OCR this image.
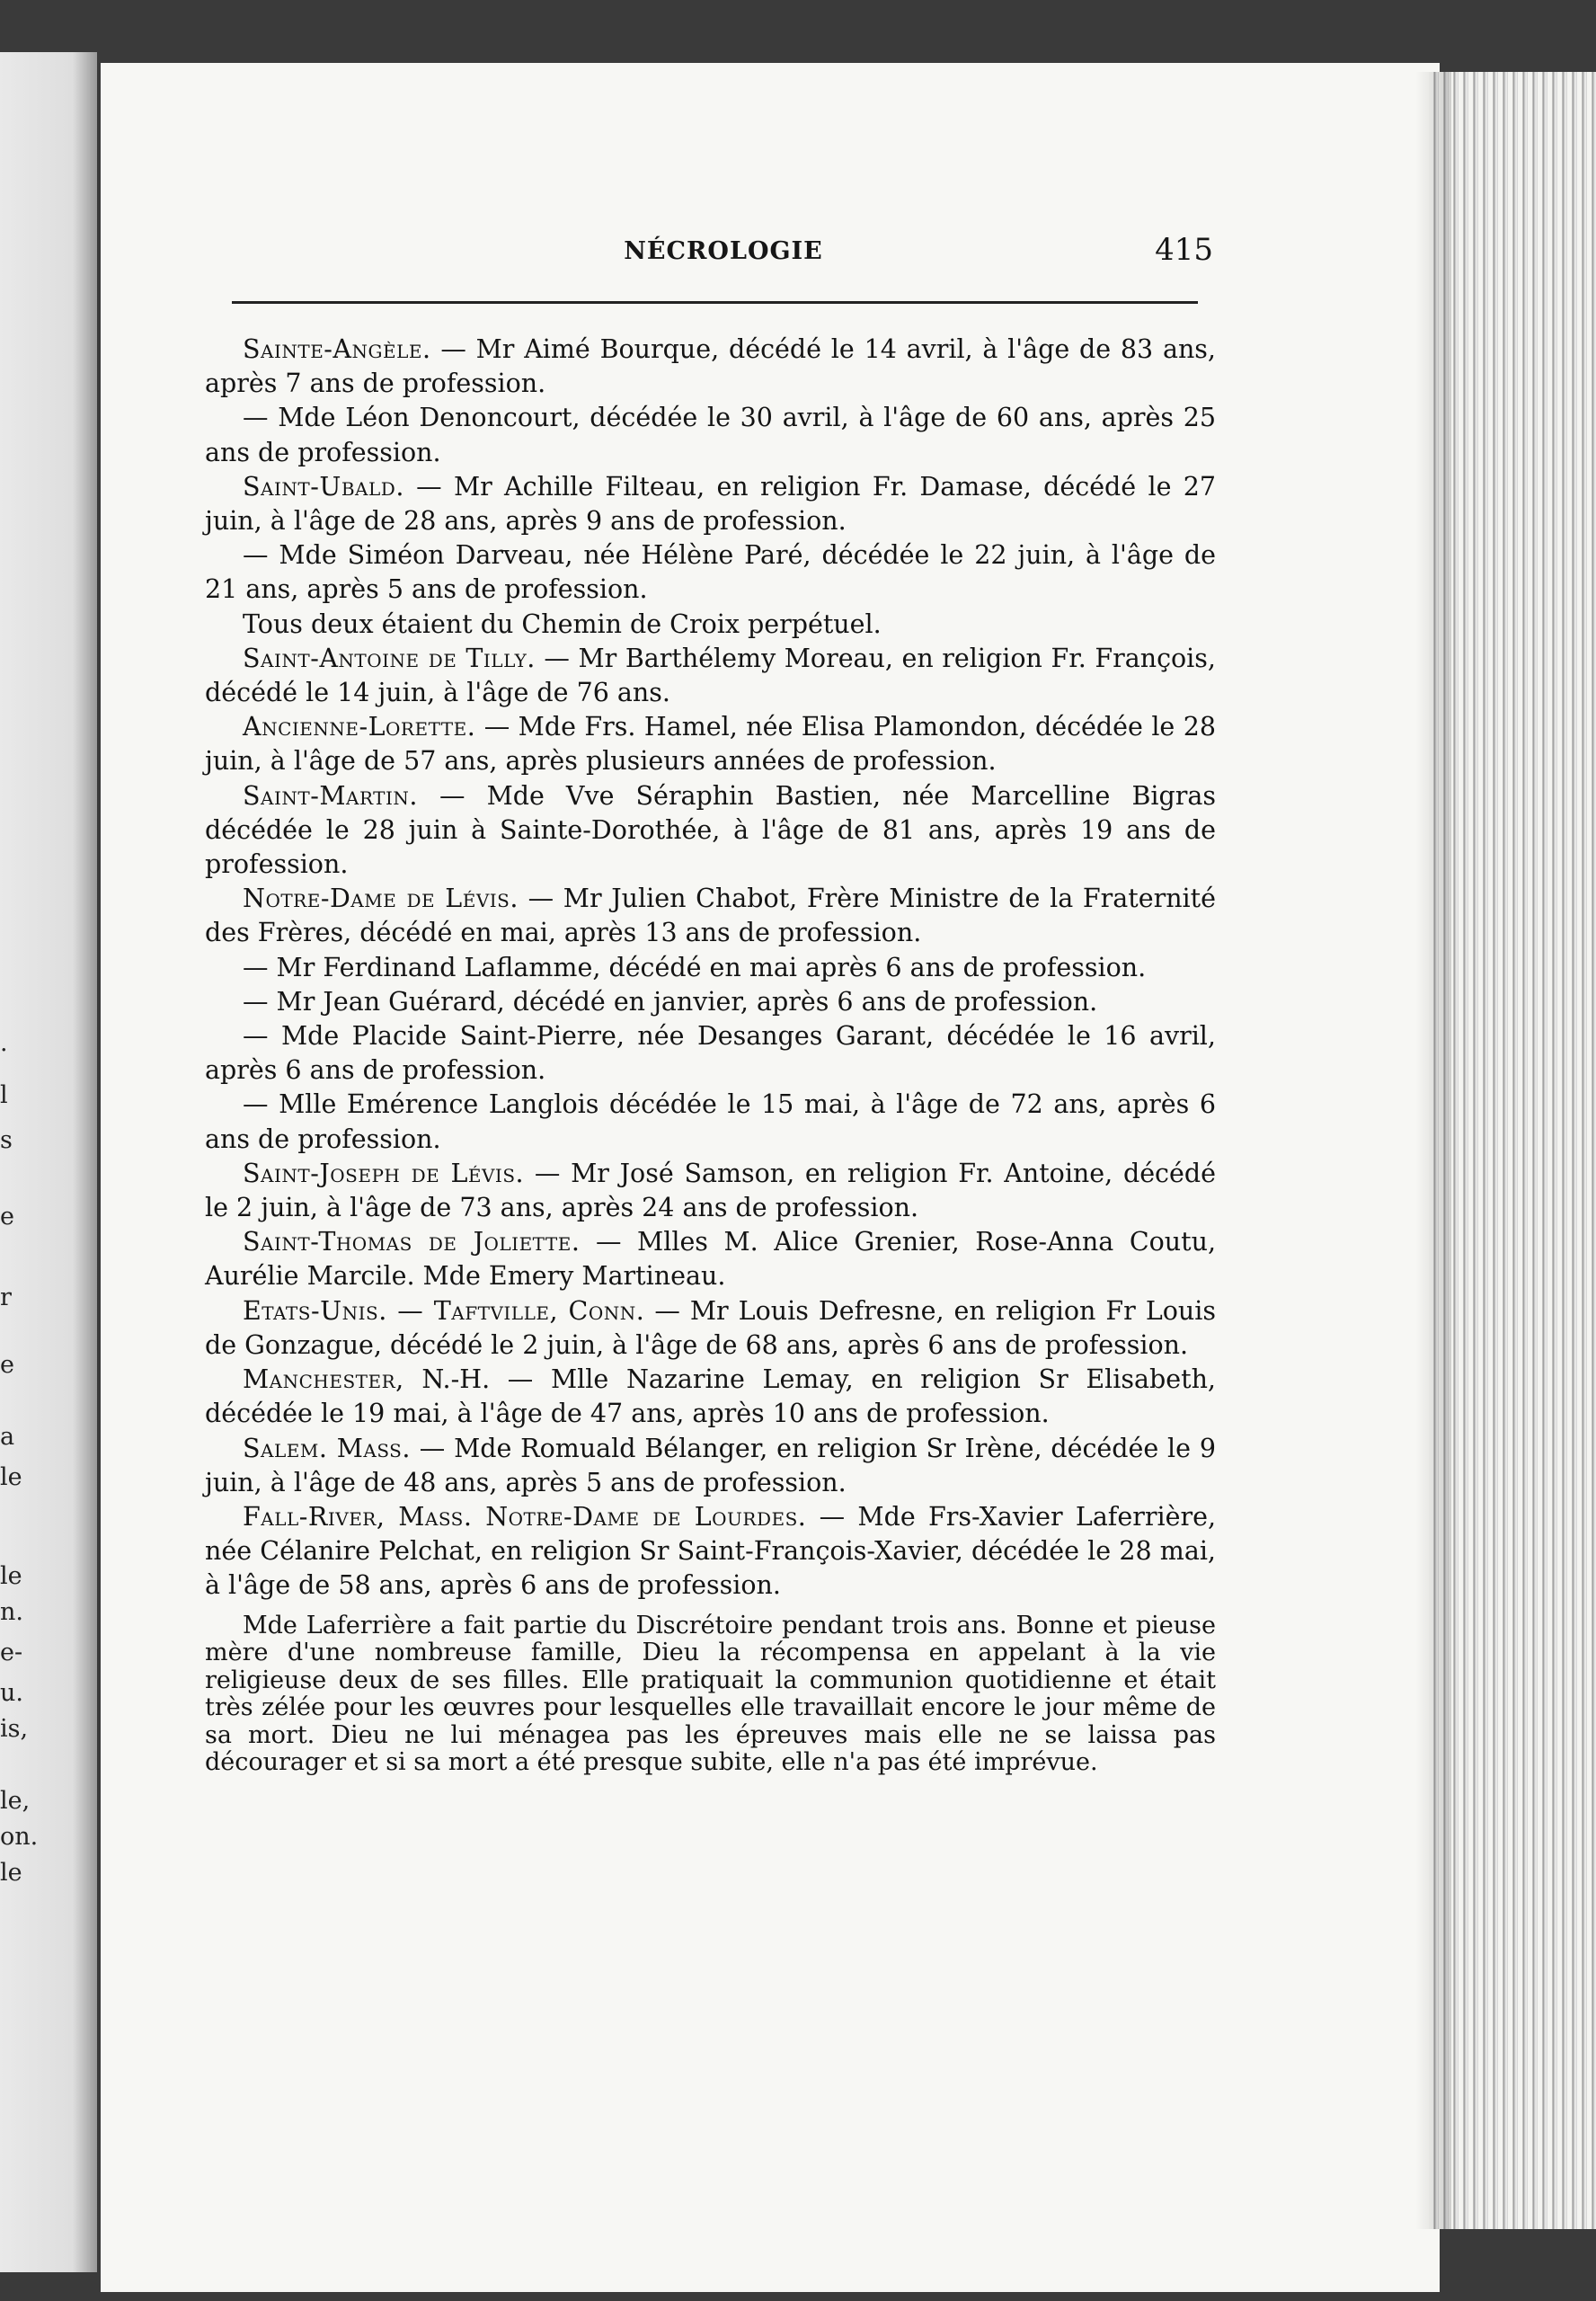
·
l
s
e
r
e
a
le
le
n.
e-
u.
is,
le,
on.
le
NÉCROLOGIE	415

Sainte-Angèle. — Mr Aimé Bourque, décédé le 14 avril, à l'âge de 83 ans, après 7 ans de profession.

— Mde Léon Denoncourt, décédée le 30 avril, à l'âge de 60 ans, après 25 ans de profession.

Saint-Ubald. — Mr Achille Filteau, en religion Fr. Damase, décédé le 27 juin, à l'âge de 28 ans, après 9 ans de profession.

— Mde Siméon Darveau, née Hélène Paré, décédée le 22 juin, à l'âge de 21 ans, après 5 ans de profession.

Tous deux étaient du Chemin de Croix perpétuel.

Saint-Antoine de Tilly. — Mr Barthélemy Moreau, en religion Fr. François, décédé le 14 juin, à l'âge de 76 ans.

Ancienne-Lorette. — Mde Frs. Hamel, née Elisa Plamondon, décédée le 28 juin, à l'âge de 57 ans, après plusieurs années de profession.

Saint-Martin. — Mde Vve Séraphin Bastien, née Marcelline Bigras décédée le 28 juin à Sainte-Dorothée, à l'âge de 81 ans, après 19 ans de profession.

Notre-Dame de Lévis. — Mr Julien Chabot, Frère Ministre de la Fraternité des Frères, décédé en mai, après 13 ans de profession.

— Mr Ferdinand Laflamme, décédé en mai après 6 ans de profession.

— Mr Jean Guérard, décédé en janvier, après 6 ans de profession.

— Mde Placide Saint-Pierre, née Desanges Garant, décédée le 16 avril, après 6 ans de profession.

— Mlle Emérence Langlois décédée le 15 mai, à l'âge de 72 ans, après 6 ans de profession.

Saint-Joseph de Lévis. — Mr José Samson, en religion Fr. Antoine, décédé le 2 juin, à l'âge de 73 ans, après 24 ans de profession.

Saint-Thomas de Joliette. — Mlles M. Alice Grenier, Rose-Anna Coutu, Aurélie Marcile. Mde Emery Martineau.

Etats-Unis. — Taftville, Conn. — Mr Louis Defresne, en religion Fr Louis de Gonzague, décédé le 2 juin, à l'âge de 68 ans, après 6 ans de profession.

Manchester, N.-H. — Mlle Nazarine Lemay, en religion Sr Elisabeth, décédée le 19 mai, à l'âge de 47 ans, après 10 ans de profession.

Salem. Mass. — Mde Romuald Bélanger, en religion Sr Irène, décédée le 9 juin, à l'âge de 48 ans, après 5 ans de profession.

Fall-River, Mass. Notre-Dame de Lourdes. — Mde Frs-Xavier Laferrière, née Célanire Pelchat, en religion Sr Saint-François-Xavier, décédée le 28 mai, à l'âge de 58 ans, après 6 ans de profession.

Mde Laferrière a fait partie du Discrétoire pendant trois ans. Bonne et pieuse mère d'une nombreuse famille, Dieu la récompensa en appelant à la vie religieuse deux de ses filles. Elle pratiquait la communion quotidienne et était très zélée pour les œuvres pour lesquelles elle travaillait encore le jour même de sa mort. Dieu ne lui ménagea pas les épreuves mais elle ne se laissa pas décourager et si sa mort a été presque subite, elle n'a pas été imprévue.
